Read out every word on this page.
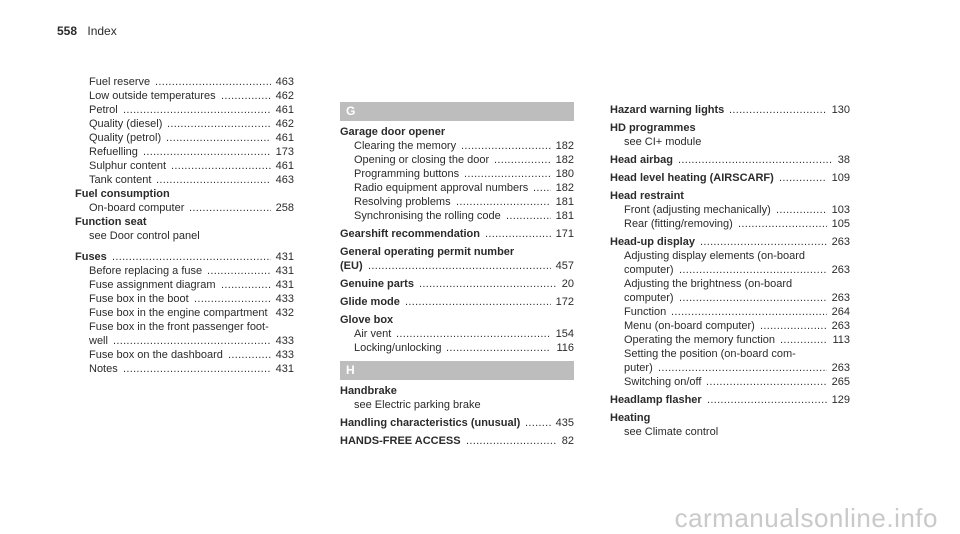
558 Index
Fuel reserve	463
.....
Low outside temperatures	462
.....
Petrol	461
.....
Quality (diesel)	462
.....
Quality (petrol)	461
.....
Refuelling	173
.....
Sulphur content	461
.....
Tank content	463
.....
Fuel consumption
On-board computer	258
.....
Function seat
see Door control panel
Fuses	431
.....
Before replacing a fuse	431
.....
Fuse assignment diagram	431
.....
Fuse box in the boot	433
.....
Fuse box in the engine compartment 432
Fuse box in the front passenger foot-
well	433
.....
Fuse box on the dashboard	433
.....
Notes	431
.....
G
H
Garage door opener
Clearing the memory	182
.....
Opening or closing the door	182
.....
Programming buttons	180
.....
Radio equipment approval numbers 182
.....
Resolving problems	181
.....
Synchronising the rolling code	181
.....
Gearshift recommendation	171
.....
General operating permit number
(EU)	457
.....
Genuine parts	20
.....
Glide mode	172
.....
Glove box
Air vent	154
.....
Locking/unlocking	116
.....
Handbrake
see Electric parking brake
Handling characteristics (unusual)	435
.....
HANDS-FREE ACCESS	82
.....
Hazard warning lights	130
.....
HD programmes
see CI+ module
Head airbag	38
.....
Head level heating (AIRSCARF)	109
.....
Head restraint
Front (adjusting mechanically)	103
.....
Rear (fitting/removing)	105
.....
Head-up display	263
.....
Adjusting display elements (on-board
computer)	263
.....
Adjusting the brightness (on-board
computer)	263
.....
Function	264
.....
Menu (on-board computer)	263
.....
Operating the memory function	113
.....
Setting the position (on-board com-
puter)	263
.....
Switching on/off	265
.....
Headlamp flasher	129
.....
Heating
see Climate control
carmanualsonline.info
